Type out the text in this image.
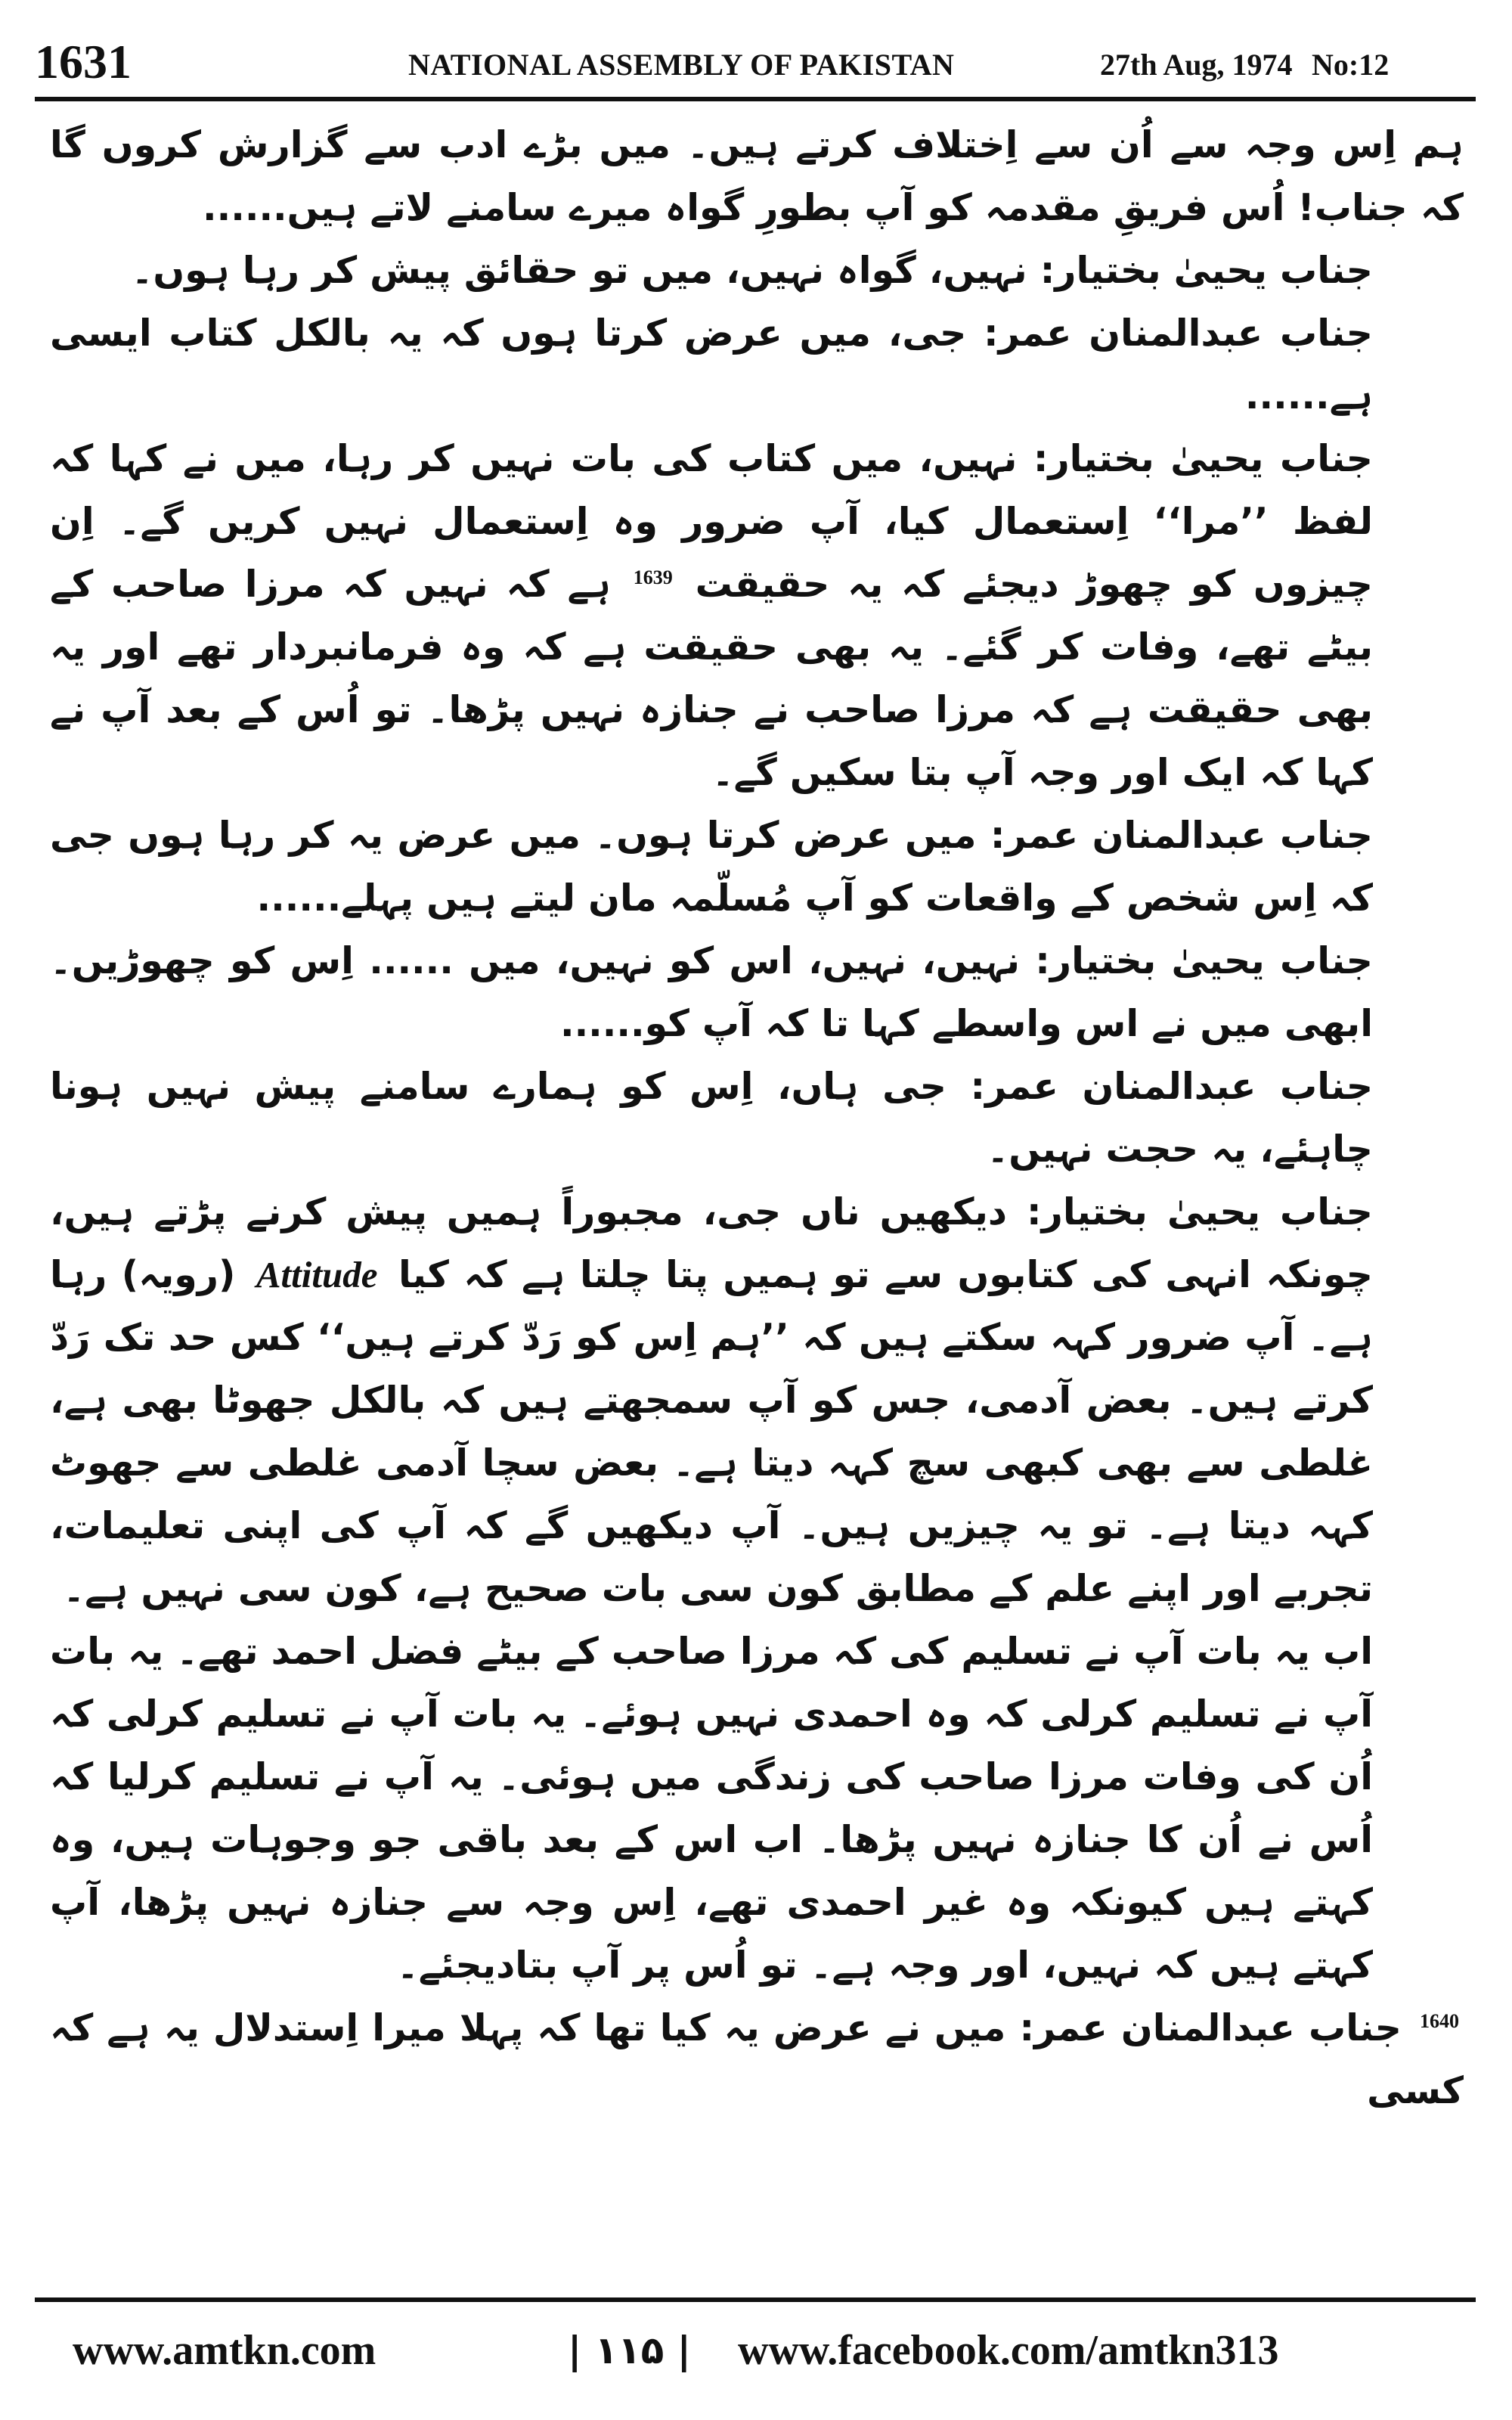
1631	NATIONAL ASSEMBLY OF PAKISTAN	27th Aug, 1974 No:12

ہم اِس وجہ سے اُن سے اِختلاف کرتے ہیں۔ میں بڑے ادب سے گزارش کروں گا کہ جناب! اُس فریقِ مقدمہ کو آپ بطورِ گواہ میرے سامنے لاتے ہیں......

جناب یحییٰ بختیار: نہیں، گواہ نہیں، میں تو حقائق پیش کر رہا ہوں۔

جناب عبدالمنان عمر: جی، میں عرض کرتا ہوں کہ یہ بالکل کتاب ایسی ہے......

جناب یحییٰ بختیار: نہیں، میں کتاب کی بات نہیں کر رہا، میں نے کہا کہ لفظ ’’مرا‘‘ اِستعمال کیا، آپ ضرور وہ اِستعمال نہیں کریں گے۔ اِن چیزوں کو چھوڑ دیجئے کہ یہ حقیقت $^{1639}$ ہے کہ نہیں کہ مرزا صاحب کے بیٹے تھے، وفات کر گئے۔ یہ بھی حقیقت ہے کہ وہ فرمانبردار تھے اور یہ بھی حقیقت ہے کہ مرزا صاحب نے جنازہ نہیں پڑھا۔ تو اُس کے بعد آپ نے کہا کہ ایک اور وجہ آپ بتا سکیں گے۔

جناب عبدالمنان عمر: میں عرض کرتا ہوں۔ میں عرض یہ کر رہا ہوں جی کہ اِس شخص کے واقعات کو آپ مُسلّمہ مان لیتے ہیں پہلے......

جناب یحییٰ بختیار: نہیں، نہیں، اس کو نہیں، میں ...... اِس کو چھوڑیں۔ ابھی میں نے اس واسطے کہا تا کہ آپ کو......

جناب عبدالمنان عمر: جی ہاں، اِس کو ہمارے سامنے پیش نہیں ہونا چاہئے، یہ حجت نہیں۔

جناب یحییٰ بختیار: دیکھیں ناں جی، مجبوراً ہمیں پیش کرنے پڑتے ہیں، چونکہ انہی کی کتابوں سے تو ہمیں پتا چلتا ہے کہ کیا Attitude (رویہ) رہا ہے۔ آپ ضرور کہہ سکتے ہیں کہ ’’ہم اِس کو رَدّ کرتے ہیں‘‘ کس حد تک رَدّ کرتے ہیں۔ بعض آدمی، جس کو آپ سمجھتے ہیں کہ بالکل جھوٹا بھی ہے، غلطی سے بھی کبھی سچ کہہ دیتا ہے۔ بعض سچا آدمی غلطی سے جھوٹ کہہ دیتا ہے۔ تو یہ چیزیں ہیں۔ آپ دیکھیں گے کہ آپ کی اپنی تعلیمات، تجربے اور اپنے علم کے مطابق کون سی بات صحیح ہے، کون سی نہیں ہے۔

اب یہ بات آپ نے تسلیم کی کہ مرزا صاحب کے بیٹے فضل احمد تھے۔ یہ بات آپ نے تسلیم کرلی کہ وہ احمدی نہیں ہوئے۔ یہ بات آپ نے تسلیم کرلی کہ اُن کی وفات مرزا صاحب کی زندگی میں ہوئی۔ یہ آپ نے تسلیم کرلیا کہ اُس نے اُن کا جنازہ نہیں پڑھا۔ اب اس کے بعد باقی جو وجوہات ہیں، وہ کہتے ہیں کیونکہ وہ غیر احمدی تھے، اِس وجہ سے جنازہ نہیں پڑھا، آپ کہتے ہیں کہ نہیں، اور وجہ ہے۔ تو اُس پر آپ بتادیجئے۔

$^{1640}$ جناب عبدالمنان عمر: میں نے عرض یہ کیا تھا کہ پہلا میرا اِستدلال یہ ہے کہ کسی

www.amtkn.com	| ۱۱۵ | www.facebook.com/amtkn313
